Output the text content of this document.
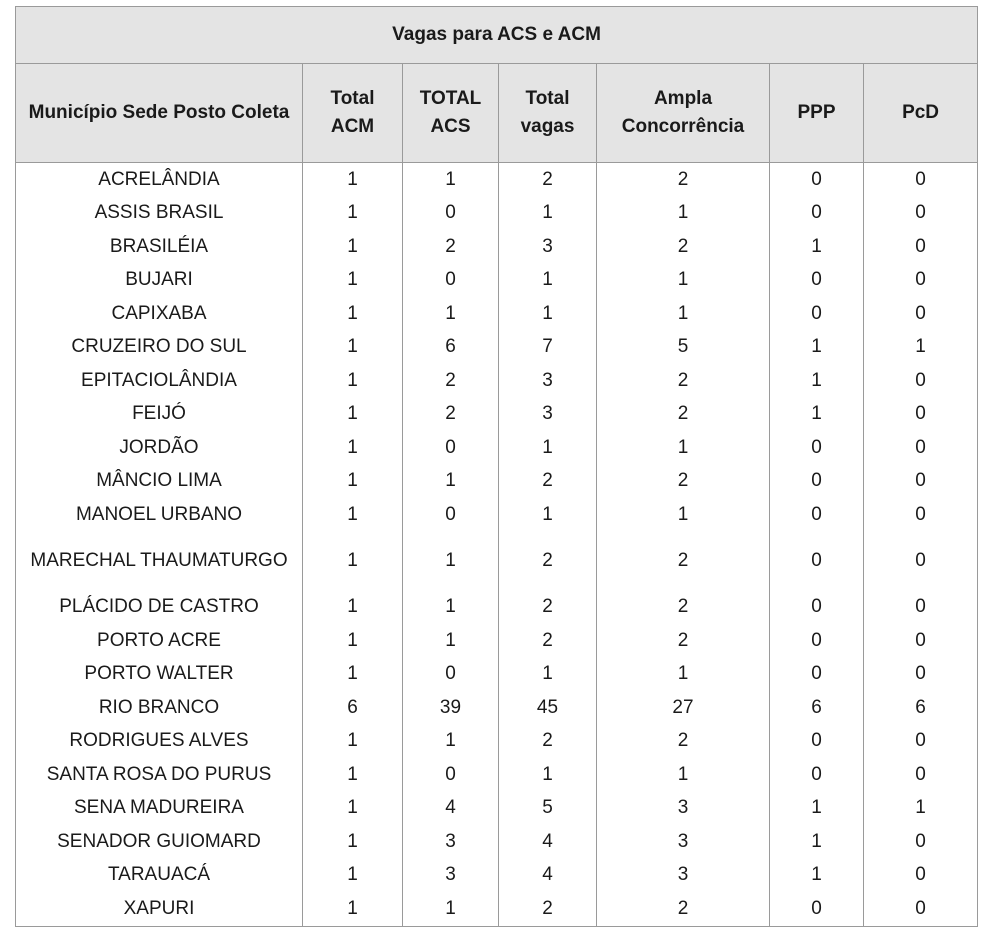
Vagas para ACS e ACM						
Município Sede Posto Coleta	Total ACM	TOTAL ACS	Total vagas	Ampla Concorrência	PPP	PcD
ACRELÂNDIA	1	1	2	2	0	0
ASSIS BRASIL	1	0	1	1	0	0
BRASILÉIA	1	2	3	2	1	0
BUJARI	1	0	1	1	0	0
CAPIXABA	1	1	1	1	0	0
CRUZEIRO DO SUL	1	6	7	5	1	1
EPITACIOLÂNDIA	1	2	3	2	1	0
FEIJÓ	1	2	3	2	1	0
JORDÃO	1	0	1	1	0	0
MÂNCIO LIMA	1	1	2	2	0	0
MANOEL URBANO	1	0	1	1	0	0
MARECHAL THAUMATURGO	1	1	2	2	0	0
PLÁCIDO DE CASTRO	1	1	2	2	0	0
PORTO ACRE	1	1	2	2	0	0
PORTO WALTER	1	0	1	1	0	0
RIO BRANCO	6	39	45	27	6	6
RODRIGUES ALVES	1	1	2	2	0	0
SANTA ROSA DO PURUS	1	0	1	1	0	0
SENA MADUREIRA	1	4	5	3	1	1
SENADOR GUIOMARD	1	3	4	3	1	0
TARAUACÁ	1	3	4	3	1	0
XAPURI	1	1	2	2	0	0
